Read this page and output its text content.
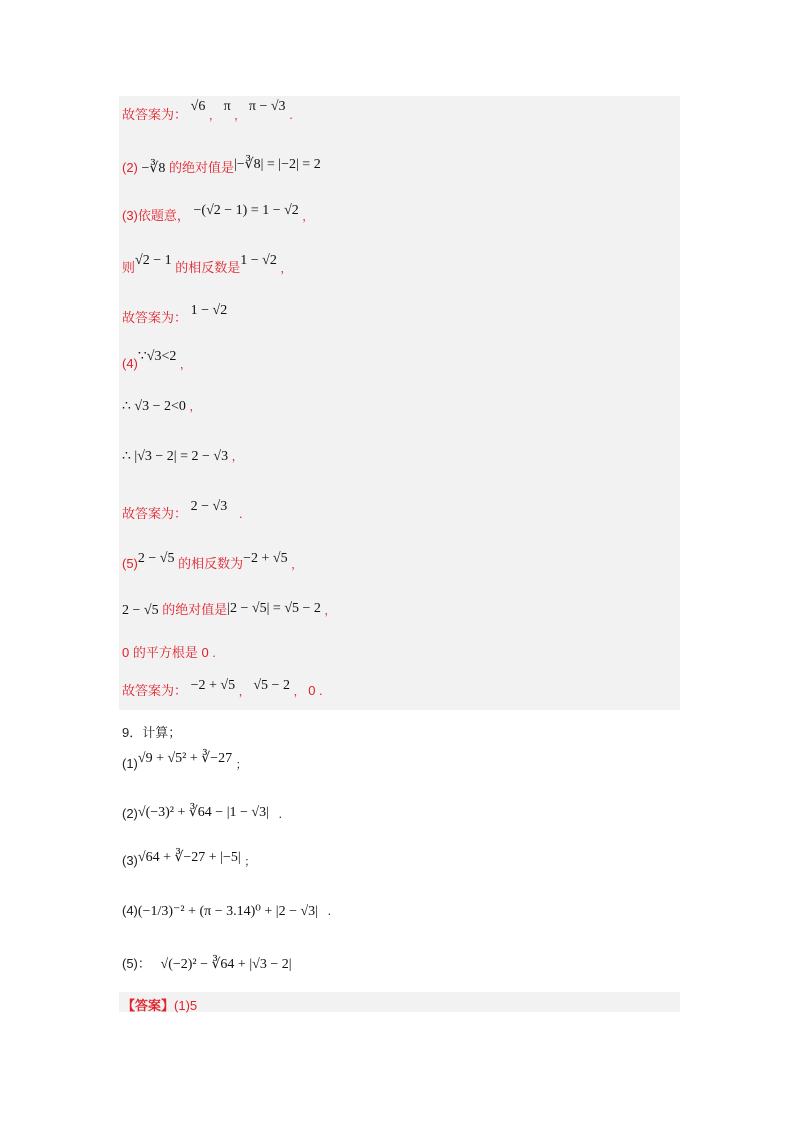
故答案为： √6 ， π ， π − √3 .
(2) −∛8 的绝对值是|−∛8| = |−2| = 2
(3)依题意， −(√2 − 1) = 1 − √2 ，
则√2 − 1 的相反数是1 − √2 ，
故答案为： 1 − √2
(4)∵√3<2 ，
∴ √3 − 2<0 ，
∴ |√3 − 2| = 2 − √3 ，
故答案为： 2 − √3 .
(5)2 − √5 的相反数为−2 + √5 ，
2 − √5 的绝对值是|2 − √5| = √5 − 2 ，
0 的平方根是 0 .
故答案为： −2 + √5 ， √5 − 2 ， 0 .
9．计算；
(1)√9 + √5² + ∛−27 ；
(2)√(−3)² + ∛64 − |1 − √3| .
(3)√64 + ∛−27 + |−5| ；
(4)(−1/3)⁻² + (π − 3.14)⁰ + |2 − √3| .
(5)： √(−2)² − ∛64 + |√3 − 2|
【答案】(1)5
